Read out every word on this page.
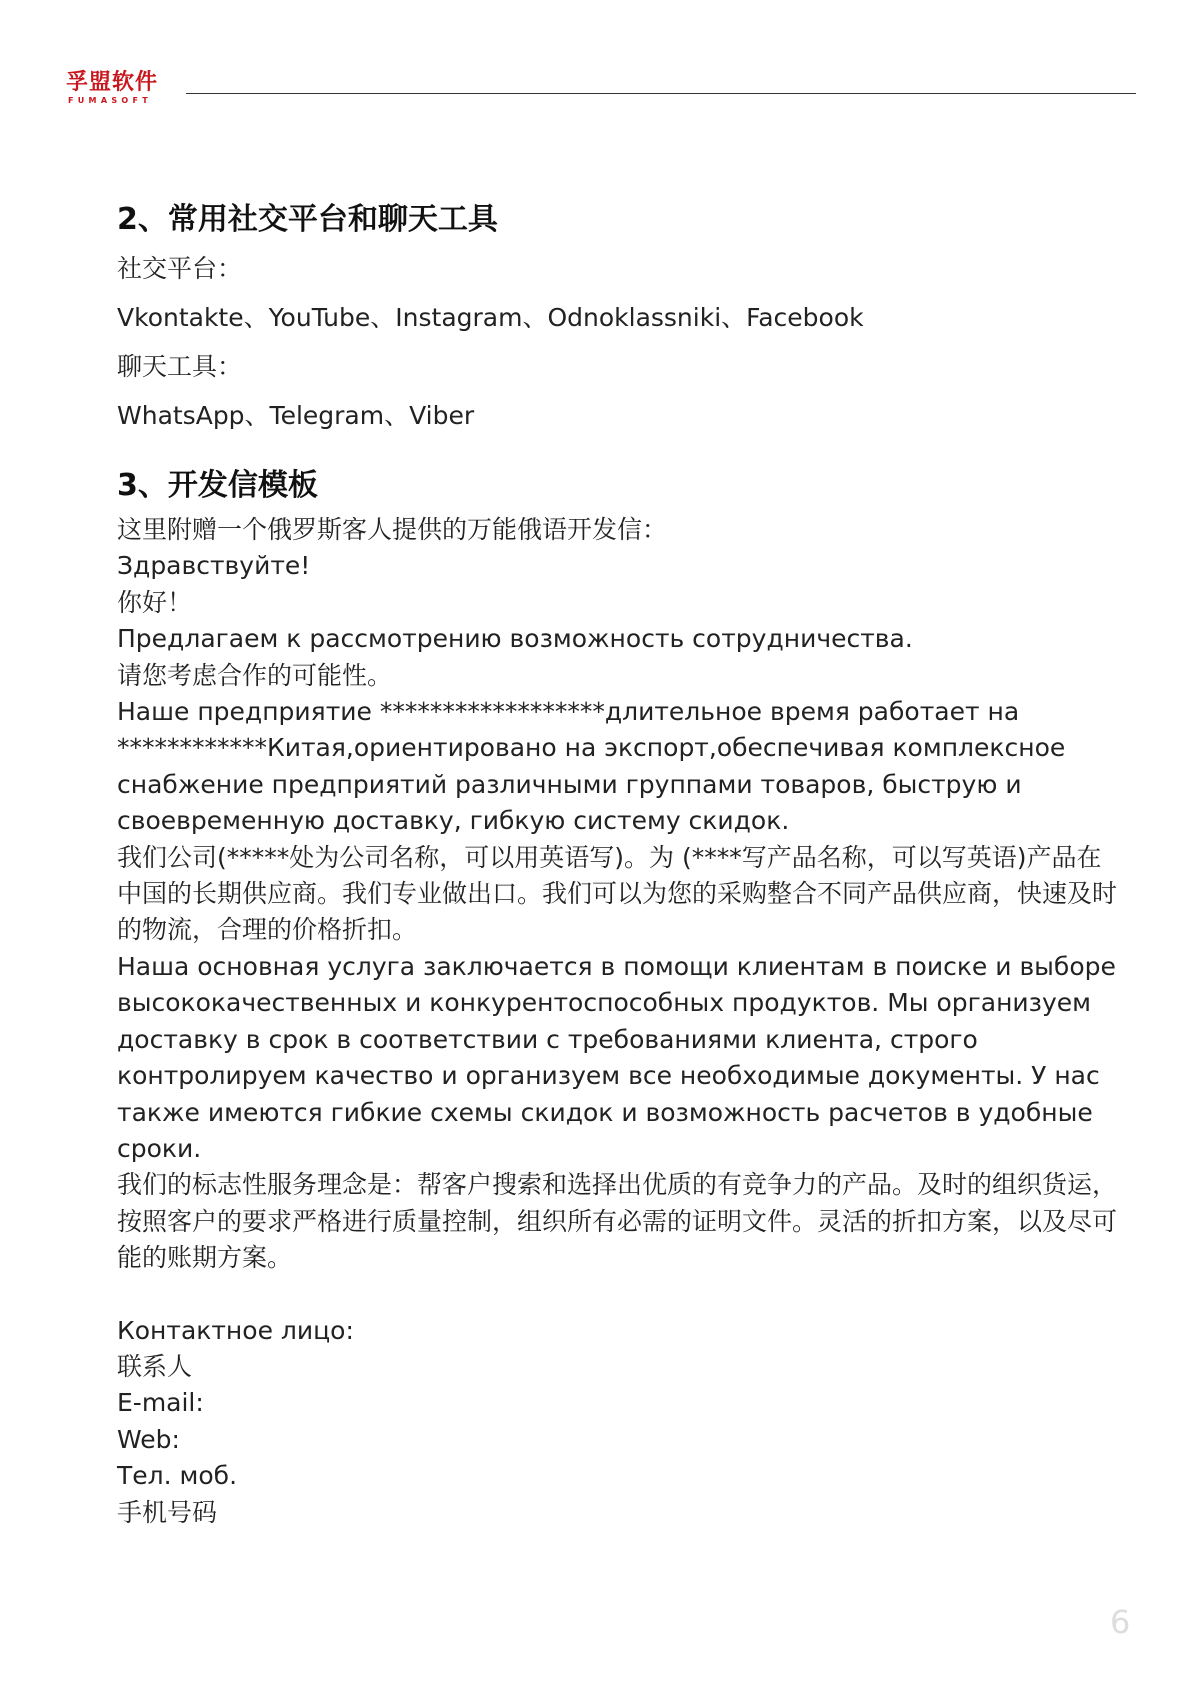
孚盟软件
FUMASOFT
2、常用社交平台和聊天工具

社交平台：

Vkontakte、YouTube、Instagram、Odnoklassniki、Facebook

聊天工具：

WhatsApp、Telegram、Viber

3、开发信模板

这里附赠一个俄罗斯客人提供的万能俄语开发信：

Здравствуйте!

你好！

Предлагаем к рассмотрению возможность сотрудничества.

请您考虑合作的可能性。

Наше предприятие ******************длительное время работает на ************Китая,ориентировано на экспорт,обеспечивая комплексное снабжение предприятий различными группами товаров, быструю и своевременную доставку, гибкую систему скидок.

我们公司(*****处为公司名称，可以用英语写)。为 (****写产品名称，可以写英语)产品在中国的长期供应商。我们专业做出口。我们可以为您的采购整合不同产品供应商，快速及时的物流，合理的价格折扣。

Наша основная услуга заключается в помощи клиентам в поиске и выборе высококачественных и конкурентоспособных продуктов. Мы организуем доставку в срок в соответствии с требованиями клиента, строго контролируем качество и организуем все необходимые документы. У нас также имеются гибкие схемы скидок и возможность расчетов в удобные сроки.

我们的标志性服务理念是：帮客户搜索和选择出优质的有竞争力的产品。及时的组织货运，按照客户的要求严格进行质量控制，组织所有必需的证明文件。灵活的折扣方案，以及尽可能的账期方案。

Контактное лицо:

联系人

E-mail:

Web:

Тел. моб.

手机号码

6
